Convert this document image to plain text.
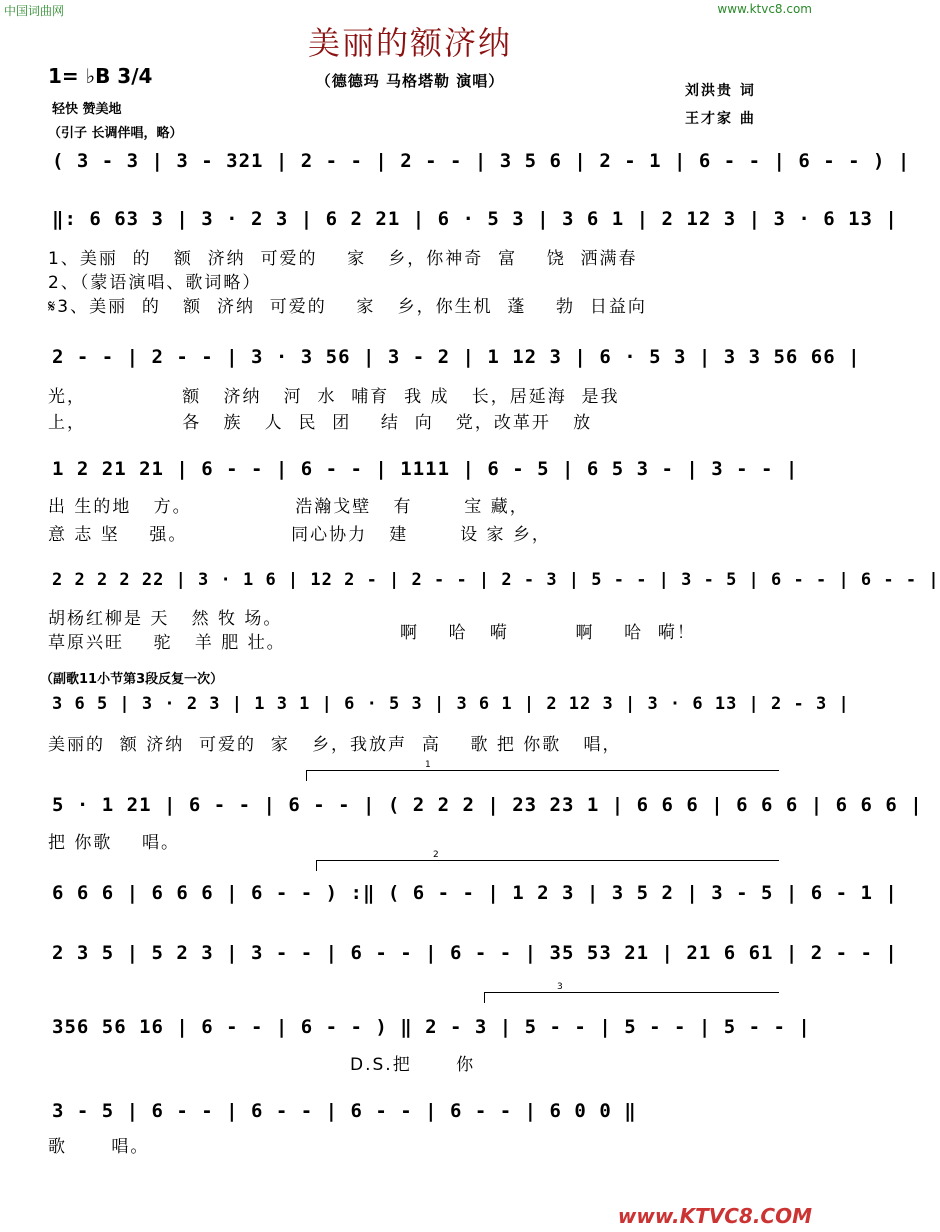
中国词曲网	www.ktvc8.com
美丽的额济纳
（德德玛 马格塔勒 演唱）
1= ♭B 3/4
轻快 赞美地
（引子 长调伴唱，略）
刘洪贵 词
王才家 曲
( 3 - 3 | 3 - 321 | 2 - - | 2 - - | 3 5 6 | 2 - 1 | 6 - - | 6 - - ) |
‖: 6 63 3 | 3 · 2 3 | 6 2 21 | 6 · 5 3 | 3 6 1 | 2 12 3 | 3 · 6 13 |
1、美丽  的   额  济纳  可爱的    家   乡，你神奇  富    饶  洒满春
2、（蒙语演唱、歌词略）
𝄋3、美丽  的   额  济纳  可爱的    家   乡，你生机  蓬    勃  日益向
2 - - | 2 - - | 3 · 3 56 | 3 - 2 | 1 12 3 | 6 · 5 3 | 3 3 56 66 |
光，             额   济纳   河  水  哺育  我 成   长，居延海  是我
上，             各   族   人  民  团    结  向   党，改革开   放
1 2 21 21 | 6 - - | 6 - - | 1111 | 6 - 5 | 6 5 3 - | 3 - - |
出 生的地   方。              浩瀚戈壁   有       宝 藏，
意 志 坚    强。              同心协力   建       设 家 乡，
2 2 2 2 22 | 3 · 1 6 | 12 2 - | 2 - - | 2 - 3 | 5 - - | 3 - 5 | 6 - - | 6 - - |
胡杨红柳是 天   然 牧 场。
草原兴旺    驼   羊 肥 壮。	啊    哈   嗬         啊    哈  嗬！
（副歌11小节第3段反复一次）
3 6 5 | 3 · 2 3 | 1 3 1 | 6 · 5 3 | 3 6 1 | 2 12 3 | 3 · 6 13 | 2 - 3 |
美丽的  额 济纳  可爱的  家   乡，我放声  高    歌 把 你歌   唱，
1
5 · 1 21 | 6 - - | 6 - - | ( 2 2 2 | 23 23 1 | 6 6 6 | 6 6 6 | 6 6 6 |
把 你歌    唱。
2
6 6 6 | 6 6 6 | 6 - - ) :‖ ( 6 - - | 1 2 3 | 3 5 2 | 3 - 5 | 6 - 1 |
2 3 5 | 5 2 3 | 3 - - | 6 - - | 6 - - | 35 53 21 | 21 6 61 | 2 - - |
3
356 56 16 | 6 - - | 6 - - ) ‖ 2 - 3 | 5 - - | 5 - - | 5 - - |
D.S.把      你
3 - 5 | 6 - - | 6 - - | 6 - - | 6 - - | 6 0 0 ‖
歌      唱。
www.KTVC8.COM
